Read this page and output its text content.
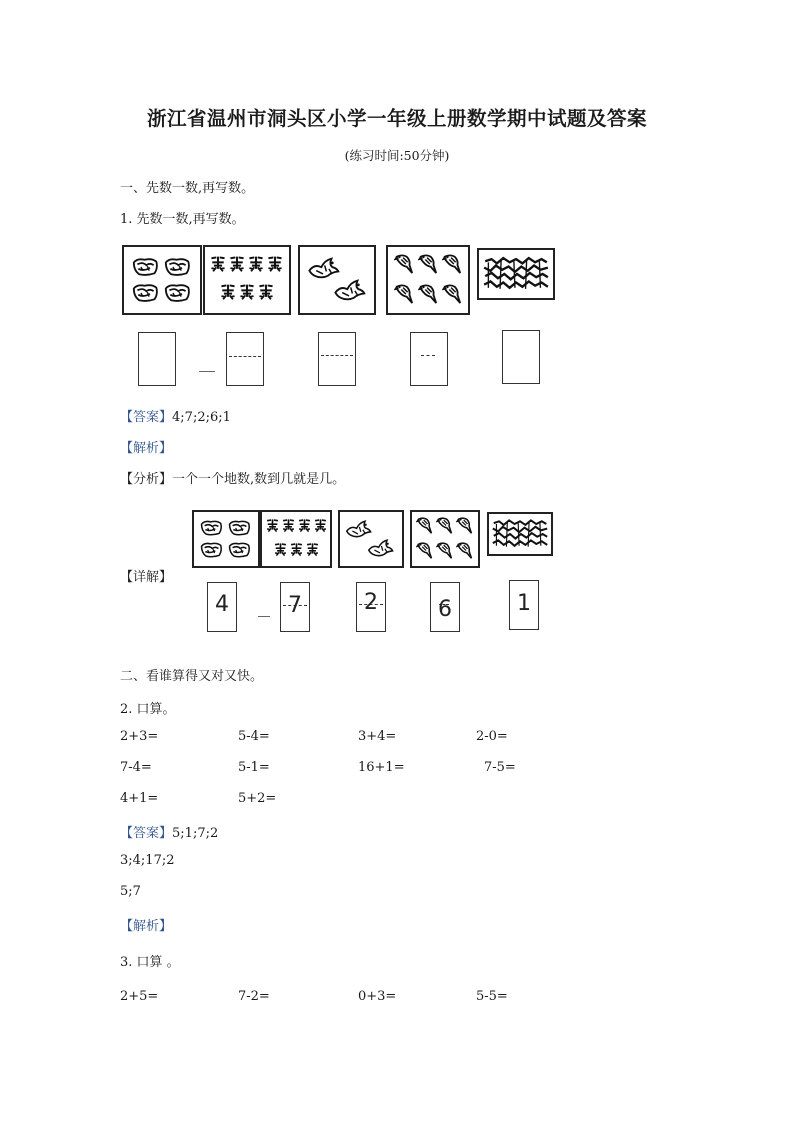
浙江省温州市洞头区小学一年级上册数学期中试题及答案
(练习时间:50分钟)
一、先数一数,再写数。
1. 先数一数,再写数。
【答案】4;7;2;6;1
【解析】
【分析】一个一个地数,数到几就是几。
【详解】
4	7	2	6	1
二、看谁算得又对又快。
2. 口算。
2+3=	5-4=	3+4=	2-0=
7-4=	5-1=	16+1=	7-5=
4+1=	5+2=
【答案】5;1;7;2
3;4;17;2
5;7
【解析】
3. 口算 。
2+5=	7-2=	0+3=	5-5=
